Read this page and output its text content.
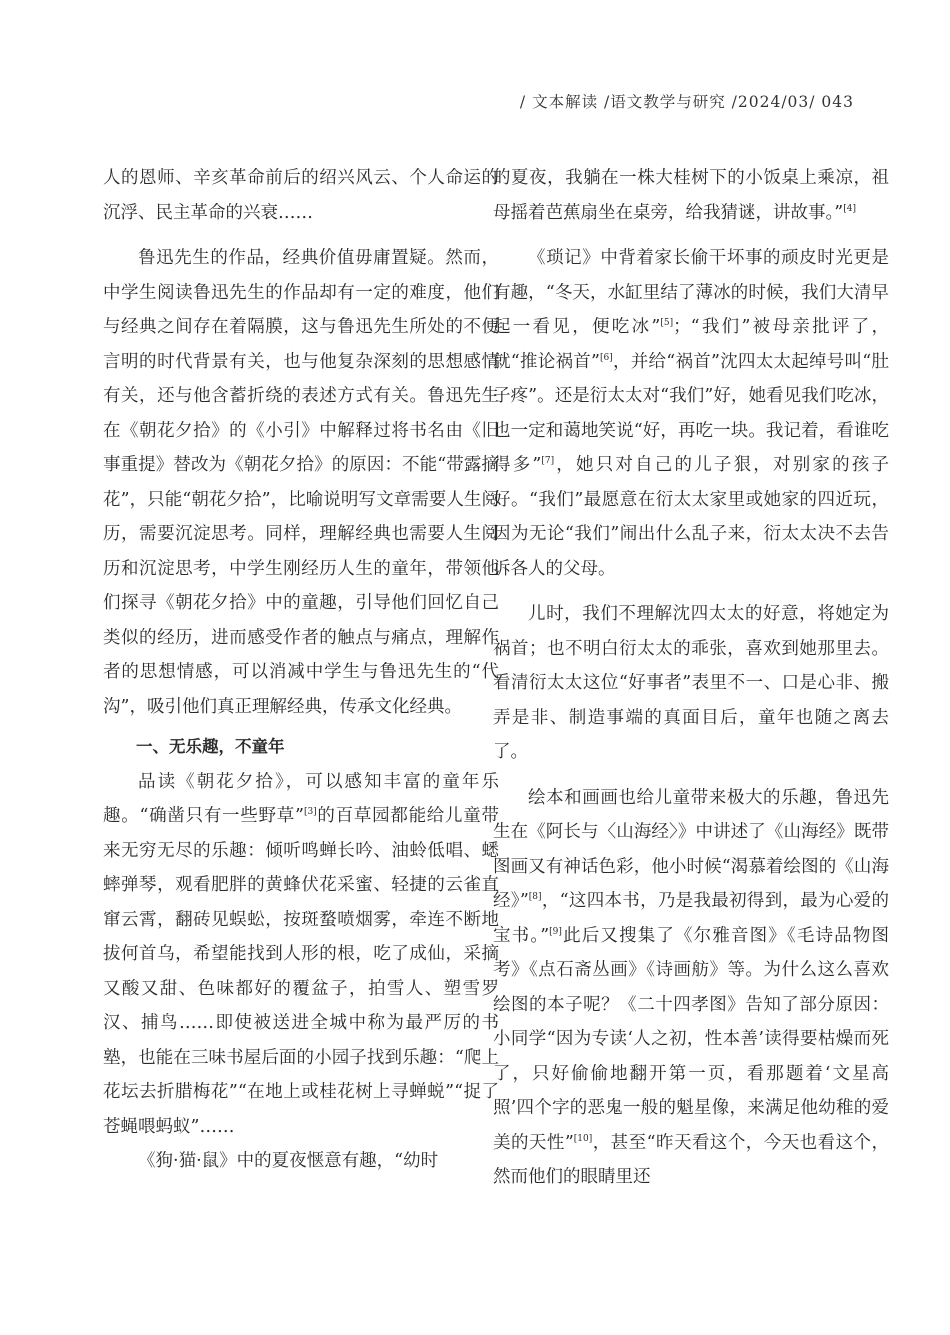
/ 文本解读 /语文教学与研究 /2024/03/ 043

人的恩师、辛亥革命前后的绍兴风云、个人命运的沉浮、民主革命的兴衰……

鲁迅先生的作品，经典价值毋庸置疑。然而，中学生阅读鲁迅先生的作品却有一定的难度，他们与经典之间存在着隔膜，这与鲁迅先生所处的不便言明的时代背景有关，也与他复杂深刻的思想感情有关，还与他含蓄折绕的表述方式有关。鲁迅先生在《朝花夕拾》的《小引》中解释过将书名由《旧事重提》替改为《朝花夕拾》的原因：不能“带露摘花”，只能“朝花夕拾”，比喻说明写文章需要人生阅历，需要沉淀思考。同样，理解经典也需要人生阅历和沉淀思考，中学生刚经历人生的童年，带领他们探寻《朝花夕拾》中的童趣，引导他们回忆自己类似的经历，进而感受作者的触点与痛点，理解作者的思想情感，可以消减中学生与鲁迅先生的“代沟”，吸引他们真正理解经典，传承文化经典。

一、无乐趣，不童年

品读《朝花夕拾》，可以感知丰富的童年乐趣。“确凿只有一些野草”[3]的百草园都能给儿童带来无穷无尽的乐趣：倾听鸣蝉长吟、油蛉低唱、蟋蟀弹琴，观看肥胖的黄蜂伏花采蜜、轻捷的云雀直窜云霄，翻砖见蜈蚣，按斑蝥喷烟雾，牵连不断地拔何首乌，希望能找到人形的根，吃了成仙，采摘又酸又甜、色味都好的覆盆子，拍雪人、塑雪罗汉、捕鸟……即使被送进全城中称为最严厉的书塾，也能在三味书屋后面的小园子找到乐趣：“爬上花坛去折腊梅花”“在地上或桂花树上寻蝉蜕”“捉了苍蝇喂蚂蚁”……

《狗·猫·鼠》中的夏夜惬意有趣，“幼时

的夏夜，我躺在一株大桂树下的小饭桌上乘凉，祖母摇着芭蕉扇坐在桌旁，给我猜谜，讲故事。”[4]

《琐记》中背着家长偷干坏事的顽皮时光更是有趣，“冬天，水缸里结了薄冰的时候，我们大清早起一看见，便吃冰”[5]；“我们”被母亲批评了，就“推论祸首”[6]，并给“祸首”沈四太太起绰号叫“肚子疼”。还是衍太太对“我们”好，她看见我们吃冰，也一定和蔼地笑说“好，再吃一块。我记着，看谁吃得多”[7]，她只对自己的儿子狠，对别家的孩子好。“我们”最愿意在衍太太家里或她家的四近玩，因为无论“我们”闹出什么乱子来，衍太太决不去告诉各人的父母。

儿时，我们不理解沈四太太的好意，将她定为祸首；也不明白衍太太的乖张，喜欢到她那里去。看清衍太太这位“好事者”表里不一、口是心非、搬弄是非、制造事端的真面目后，童年也随之离去了。

绘本和画画也给儿童带来极大的乐趣，鲁迅先生在《阿长与〈山海经〉》中讲述了《山海经》既带图画又有神话色彩，他小时候“渴慕着绘图的《山海经》”[8]，“这四本书，乃是我最初得到，最为心爱的宝书。”[9]此后又搜集了《尔雅音图》《毛诗品物图考》《点石斋丛画》《诗画舫》等。为什么这么喜欢绘图的本子呢？《二十四孝图》告知了部分原因：小同学“因为专读‘人之初，性本善’读得要枯燥而死了，只好偷偷地翻开第一页，看那题着‘文星高照’四个字的恶鬼一般的魁星像，来满足他幼稚的爱美的天性”[10]，甚至“昨天看这个，今天也看这个，然而他们的眼睛里还
